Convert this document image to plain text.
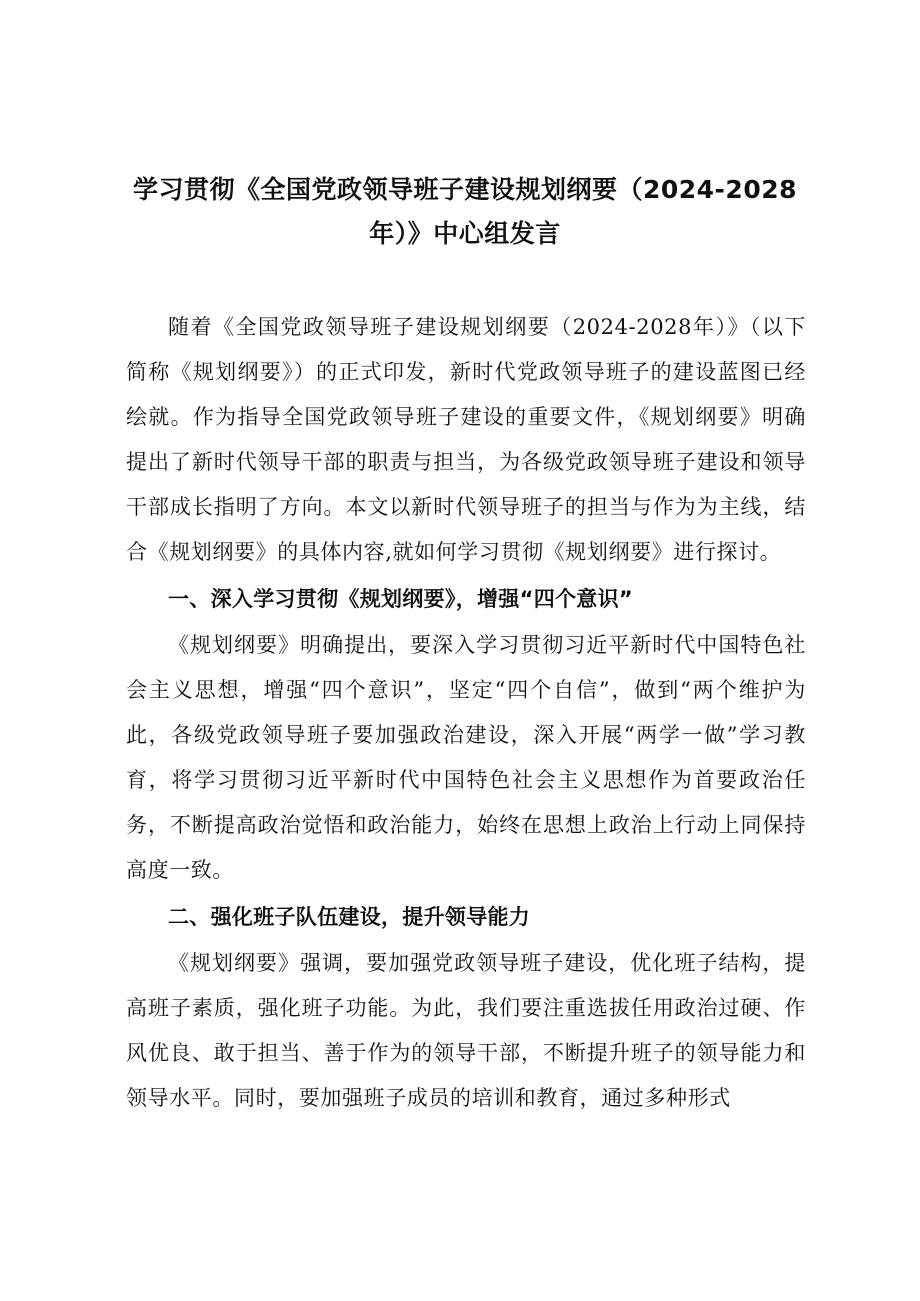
学习贯彻《全国党政领导班子建设规划纲要（2024-2028
年）》中心组发言

随着《全国党政领导班子建设规划纲要（2024-2028年）》（以下简称《规划纲要》）的正式印发，新时代党政领导班子的建设蓝图已经绘就。作为指导全国党政领导班子建设的重要文件，《规划纲要》明确提出了新时代领导干部的职责与担当，为各级党政领导班子建设和领导干部成长指明了方向。本文以新时代领导班子的担当与作为为主线，结合《规划纲要》的具体内容,就如何学习贯彻《规划纲要》进行探讨。

一、深入学习贯彻《规划纲要》，增强“四个意识”

《规划纲要》明确提出，要深入学习贯彻习近平新时代中国特色社会主义思想，增强“四个意识”，坚定“四个自信”，做到“两个维护为此，各级党政领导班子要加强政治建设，深入开展“两学一做”学习教育，将学习贯彻习近平新时代中国特色社会主义思想作为首要政治任务，不断提高政治觉悟和政治能力，始终在思想上政治上行动上同保持高度一致。

二、强化班子队伍建设，提升领导能力

《规划纲要》强调，要加强党政领导班子建设，优化班子结构，提高班子素质，强化班子功能。为此，我们要注重选拔任用政治过硬、作风优良、敢于担当、善于作为的领导干部，不断提升班子的领导能力和领导水平。同时，要加强班子成员的培训和教育，通过多种形式
